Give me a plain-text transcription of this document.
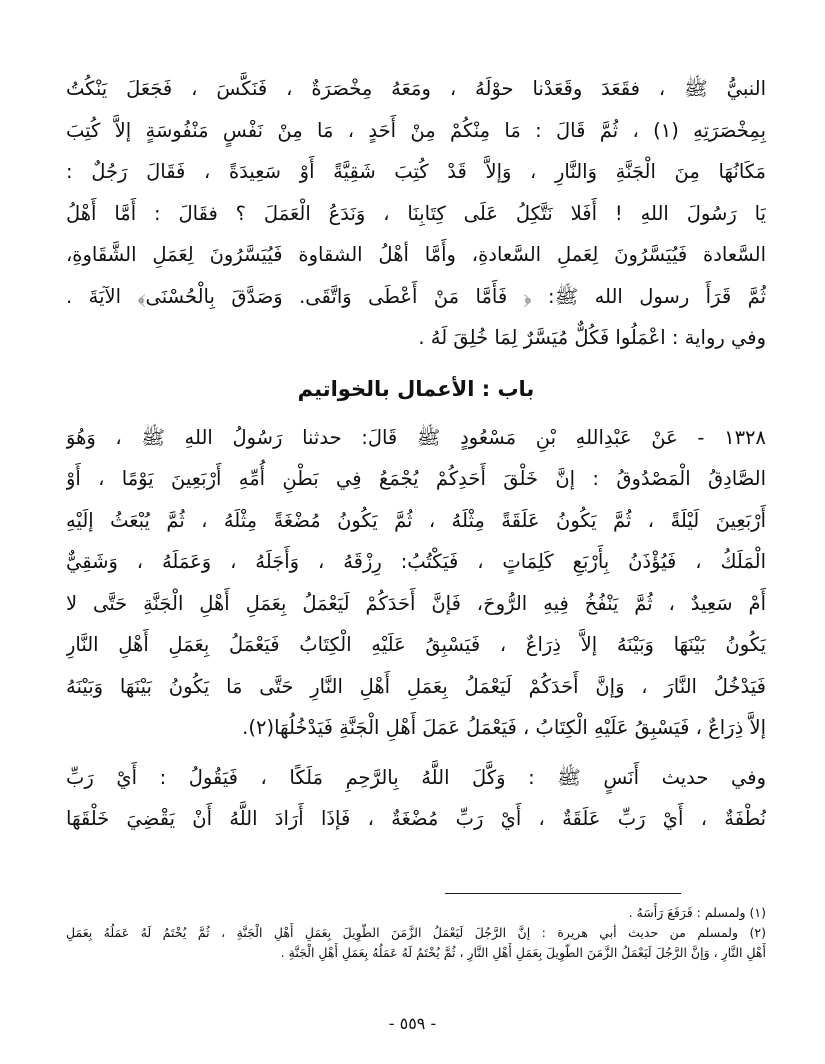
النبيُّ ﷺ ، فقَعَدَ وقَعَدْنا حوْلَهُ ، ومَعَهُ مِخْصَرَةٌ ، فَنَكَّسَ ، فَجَعَلَ يَنْكُتُ
بِمِخْصَرَتِهِ (١) ، ثُمَّ قَالَ : مَا مِنْكُمْ مِنْ أَحَدٍ ، مَا مِنْ نَفْسٍ مَنْفُوسَةٍ إلاَّ كُتِبَ
مَكَانُهَا مِنَ الْجَنَّةِ وَالنَّارِ ، وَإلاَّ قَدْ كُتِبَ شَقِيَّةً أَوْ سَعِيدَةً ، فَقَالَ رَجُلٌ :
يَا رَسُولَ اللهِ ! أَفَلا نَتَّكِلُ عَلَى كِتَابِنَا ، وَنَدَعُ الْعَمَلَ ؟ فقَالَ : أَمَّا أَهْلُ
السَّعادة فَيُيَسَّرُونَ لِعَملِ السَّعادةِ، وأَمَّا أهْلُ الشقاوة فَيُيَسَّرُونَ لِعَمَلِ الشَّقَاوةِ،
ثُمَّ قَرَأَ رسول الله ﷺ: ﴿ فَأَمَّا مَنْ أَعْطَى وَاتَّقَى. وَصَدَّقَ بِالْحُسْنَى﴾ الآيَةَ .
وفي رواية : اعْمَلُوا فَكُلٌّ مُيَسَّرٌ لِمَا خُلِقَ لَهُ .
باب : الأعمال بالخواتيم
١٣٢٨ - عَنْ عَبْدِاللهِ بْنِ مَسْعُودٍ ﷺ قَالَ: حدثنا رَسُولُ اللهِ ﷺ ، وَهُوَ
الصَّادِقُ الْمَصْدُوقُ : إنَّ خَلْقَ أَحَدِكُمْ يُجْمَعُ فِي بَطْنِ أُمِّهِ أَرْبَعِينَ يَوْمًا ، أَوْ
أَرْبَعِينَ لَيْلَةً ، ثُمَّ يَكُونُ عَلَقَةً مِثْلَهُ ، ثُمَّ يَكُونُ مُضْغَةً مِثْلَهُ ، ثُمَّ يُبْعَثُ إلَيْهِ
الْمَلَكُ ، فَيُؤْذَنُ بِأَرْبَعِ كَلِمَاتٍ ، فَيَكْتُبُ: رِزْقَهُ ، وَأَجَلَهُ ، وَعَمَلَهُ ، وَشَقِيٌّ
أَمْ سَعِيدٌ ، ثُمَّ يَنْفُخُ فِيهِ الرُّوحَ، فَإنَّ أَحَدَكُمْ لَيَعْمَلُ بِعَمَلِ أَهْلِ الْجَنَّةِ حَتَّى لا
يَكُونُ بَيْنَهَا وَبَيْنَهُ إلاَّ ذِرَاعٌ ، فَيَسْبِقُ عَلَيْهِ الْكِتَابُ فَيَعْمَلُ بِعَمَلِ أَهْلِ النَّارِ
فَيَدْخُلُ النَّارَ ، وَإنَّ أَحَدَكُمْ لَيَعْمَلُ بِعَمَلِ أَهْلِ النَّارِ حَتَّى مَا يَكُونُ بَيْنَهَا وَبَيْنَهُ
إلاَّ ذِرَاعٌ ، فَيَسْبِقُ عَلَيْهِ الْكِتَابُ ، فَيَعْمَلُ عَمَلَ أَهْلِ الْجَنَّةِ فَيَدْخُلُهَا(٢).
وفي حديث أَنَسٍ ﷺ : وَكَّلَ اللَّهُ بِالرَّحِمِ مَلَكًا ، فَيَقُولُ : أَيْ رَبِّ
نُطْفَةٌ ، أَيْ رَبِّ عَلَقَةٌ ، أَيْ رَبِّ مُضْغَةٌ ، فَإذَا أَرَادَ اللَّهُ أَنْ يَقْضِيَ خَلْقَهَا
(١) ولمسلم : فَرَفَعَ رَأْسَهُ .
(٢) ولمسلم من حديث أبي هريرة : إنَّ الرَّجُلَ لَيَعْمَلُ الزَّمَنَ الطَّوِيلَ بِعَمَلِ أَهْلِ الْجَنَّةِ ، ثُمَّ يُخْتَمُ لَهُ عَمَلُهُ بِعَمَلِ
أَهْلِ النَّارِ ، وَإنَّ الرَّجُلَ لَيَعْمَلُ الزَّمَنَ الطَّوِيلَ بِعَمَلِ أَهْلِ النَّارِ ، ثُمَّ يُخْتَمُ لَهُ عَمَلُهُ بِعَمَلِ أَهْلِ الْجَنَّةِ .
- ٥٥٩ -
